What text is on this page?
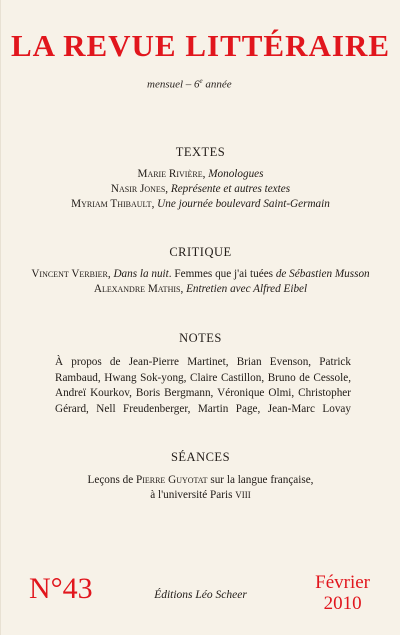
LA REVUE LITTÉRAIRE
mensuel – 6e année
TEXTES
Marie Rivière, Monologues
Nasir Jones, Représente et autres textes
Myriam Thibault, Une journée boulevard Saint-Germain
CRITIQUE
Vincent Verbier, Dans la nuit. Femmes que j'ai tuées de Sébastien Musson
Alexandre Mathis, Entretien avec Alfred Eibel
NOTES
À propos de Jean-Pierre Martinet, Brian Evenson, Patrick
Rambaud, Hwang Sok-yong, Claire Castillon, Bruno de Cessole,
Andreï Kourkov, Boris Bergmann, Véronique Olmi, Christopher
Gérard, Nell Freudenberger, Martin Page, Jean-Marc Lovay
SÉANCES
Leçons de Pierre Guyotat sur la langue française,
à l'université Paris VIII
N°43	Éditions Léo Scheer
Février
2010
